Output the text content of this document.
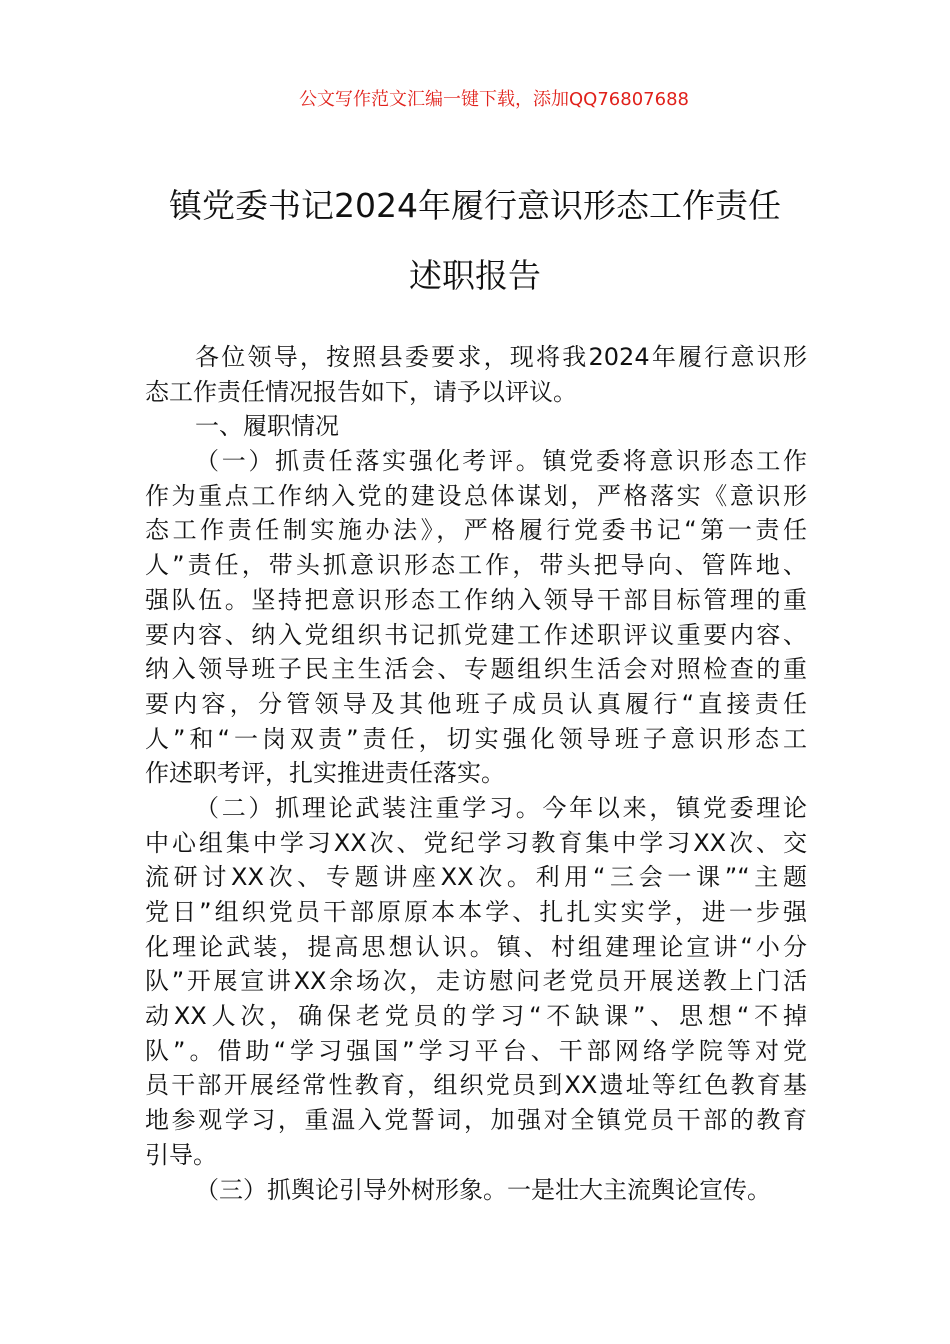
公文写作范文汇编一键下载，添加QQ76807688
镇党委书记2024年履行意识形态工作责任
述职报告
各位领导，按照县委要求，现将我2024年履行意识形
态工作责任情况报告如下，请予以评议。
一、履职情况
（一）抓责任落实强化考评。镇党委将意识形态工作
作为重点工作纳入党的建设总体谋划，严格落实《意识形
态工作责任制实施办法》，严格履行党委书记“第一责任
人”责任，带头抓意识形态工作，带头把导向、管阵地、
强队伍。坚持把意识形态工作纳入领导干部目标管理的重
要内容、纳入党组织书记抓党建工作述职评议重要内容、
纳入领导班子民主生活会、专题组织生活会对照检查的重
要内容，分管领导及其他班子成员认真履行“直接责任
人”和“一岗双责”责任，切实强化领导班子意识形态工
作述职考评，扎实推进责任落实。
（二）抓理论武装注重学习。今年以来，镇党委理论
中心组集中学习XX次、党纪学习教育集中学习XX次、交
流研讨XX次、专题讲座XX次。利用“三会一课”“主题
党日”组织党员干部原原本本学、扎扎实实学，进一步强
化理论武装，提高思想认识。镇、村组建理论宣讲“小分
队”开展宣讲XX余场次，走访慰问老党员开展送教上门活
动XX人次，确保老党员的学习“不缺课”、思想“不掉
队”。借助“学习强国”学习平台、干部网络学院等对党
员干部开展经常性教育，组织党员到XX遗址等红色教育基
地参观学习，重温入党誓词，加强对全镇党员干部的教育
引导。
（三）抓舆论引导外树形象。一是壮大主流舆论宣传。
